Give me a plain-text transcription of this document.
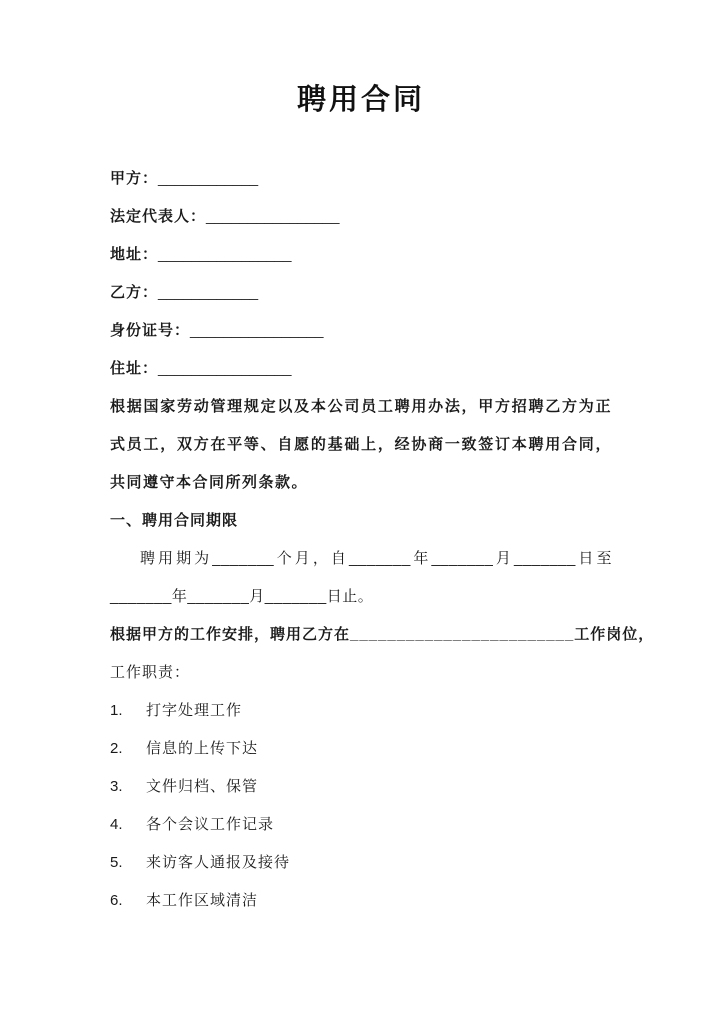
聘用合同
甲方：____________
法定代表人：________________
地址：________________
乙方：____________
身份证号：________________
住址：________________

根据国家劳动管理规定以及本公司员工聘用办法，甲方招聘乙方为正式员工，双方在平等、自愿的基础上，经协商一致签订本聘用合同，共同遵守本合同所列条款。

一、聘用合同期限

聘用期为_______个月，自_______年_______月_______日至_______年_______月_______日止。

根据甲方的工作安排，聘用乙方在________________________工作岗位，
工作职责：
1.	打字处理工作
2.	信息的上传下达
3.	文件归档、保管
4.	各个会议工作记录
5.	来访客人通报及接待
6.	本工作区域清洁
